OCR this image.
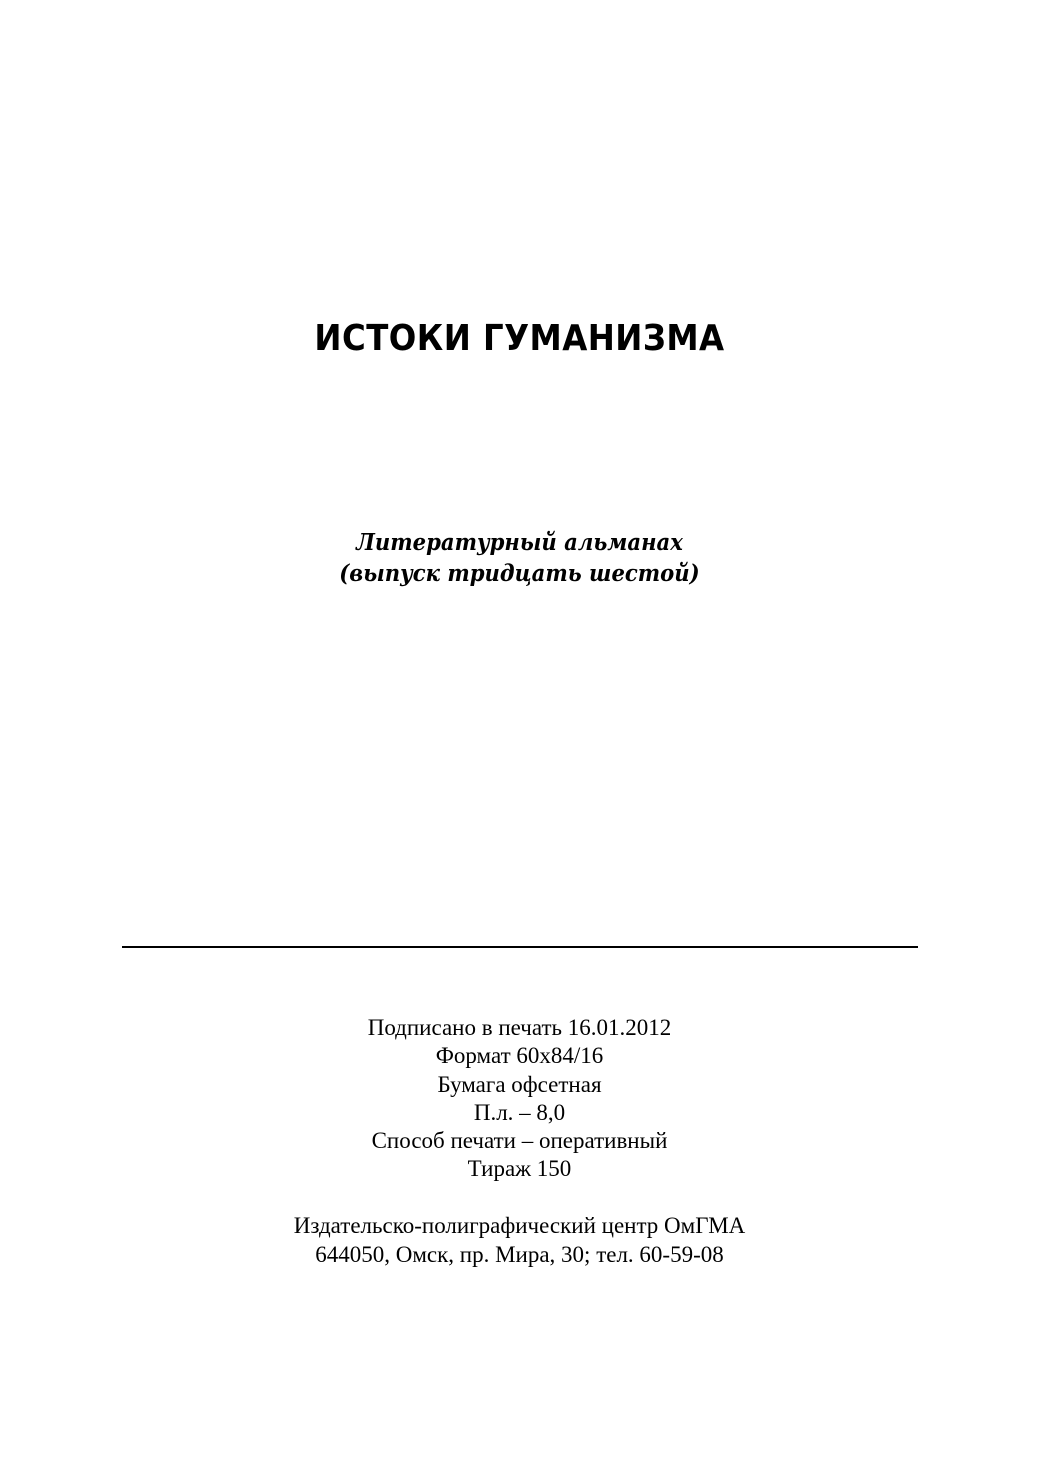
ИСТОКИ ГУМАНИЗМА
Литературный альманах
(выпуск тридцать шестой)
Подписано в печать 16.01.2012
Формат 60х84/16
Бумага офсетная
П.л. – 8,0
Способ печати – оперативный
Тираж 150
Издательско-полиграфический центр ОмГМА
644050, Омск, пр. Мира, 30; тел. 60-59-08
